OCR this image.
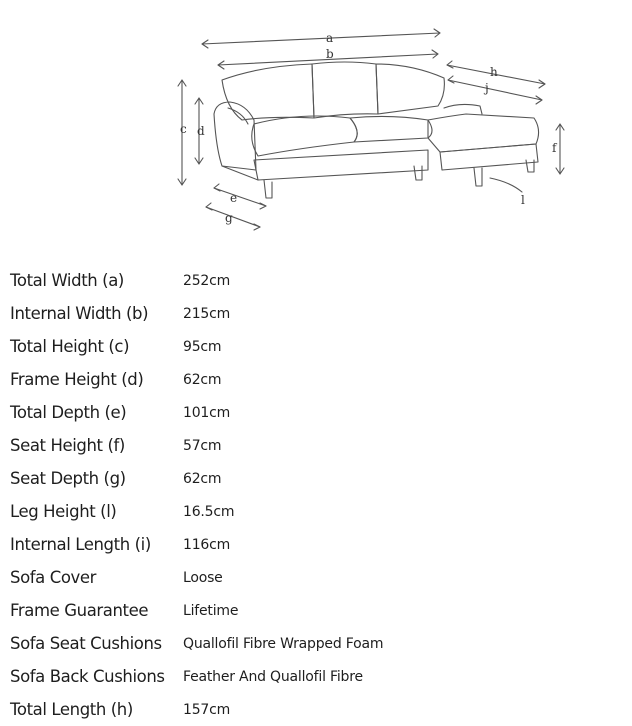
a
b
c d
e
f
g
h
j
l
Total Width (a)	252cm
Internal Width (b)	215cm
Total Height (c)	95cm
Frame Height (d)	62cm
Total Depth (e)	101cm
Seat Height (f)	57cm
Seat Depth (g)	62cm
Leg Height (l)	16.5cm
Internal Length (i)	116cm
Sofa Cover	Loose
Frame Guarantee	Lifetime
Sofa Seat Cushions	Quallofil Fibre Wrapped Foam
Sofa Back Cushions	Feather And Quallofil Fibre
Total Length (h)	157cm
